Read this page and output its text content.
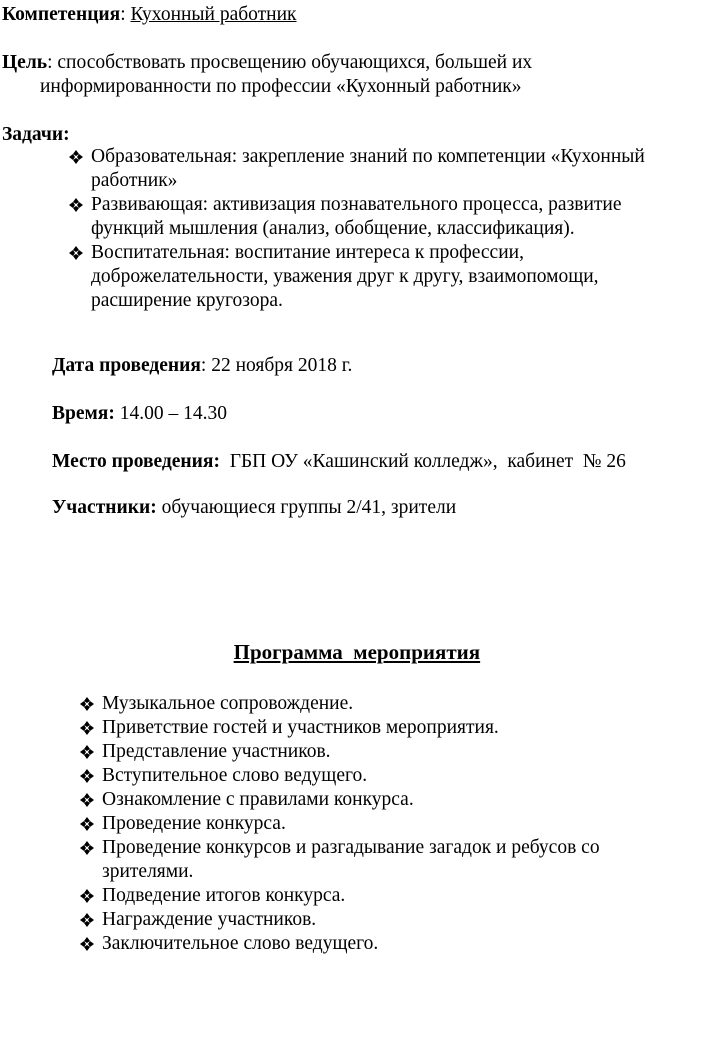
Компетенция: Кухонный работник
Цель: способствовать просвещению обучающихся, большей их
информированности по профессии «Кухонный работник»
Задачи:
Образовательная: закрепление знаний по компетенции «Кухонный
работник»
Развивающая: активизация познавательного процесса, развитие
функций мышления (анализ, обобщение, классификация).
Воспитательная: воспитание интереса к профессии,
доброжелательности, уважения друг к другу, взаимопомощи,
расширение кругозора.
Дата проведения: 22 ноября 2018 г.
Время: 14.00 – 14.30
Место проведения:  ГБП ОУ «Кашинский колледж»,  кабинет  № 26
Участники: обучающиеся группы 2/41, зрители

Программа  мероприятия

Музыкальное сопровождение.
Приветствие гостей и участников мероприятия.
Представление участников.
Вступительное слово ведущего.
Ознакомление с правилами конкурса.
Проведение конкурса.
Проведение конкурсов и разгадывание загадок и ребусов со
зрителями.
Подведение итогов конкурса.
Награждение участников.
Заключительное слово ведущего.
